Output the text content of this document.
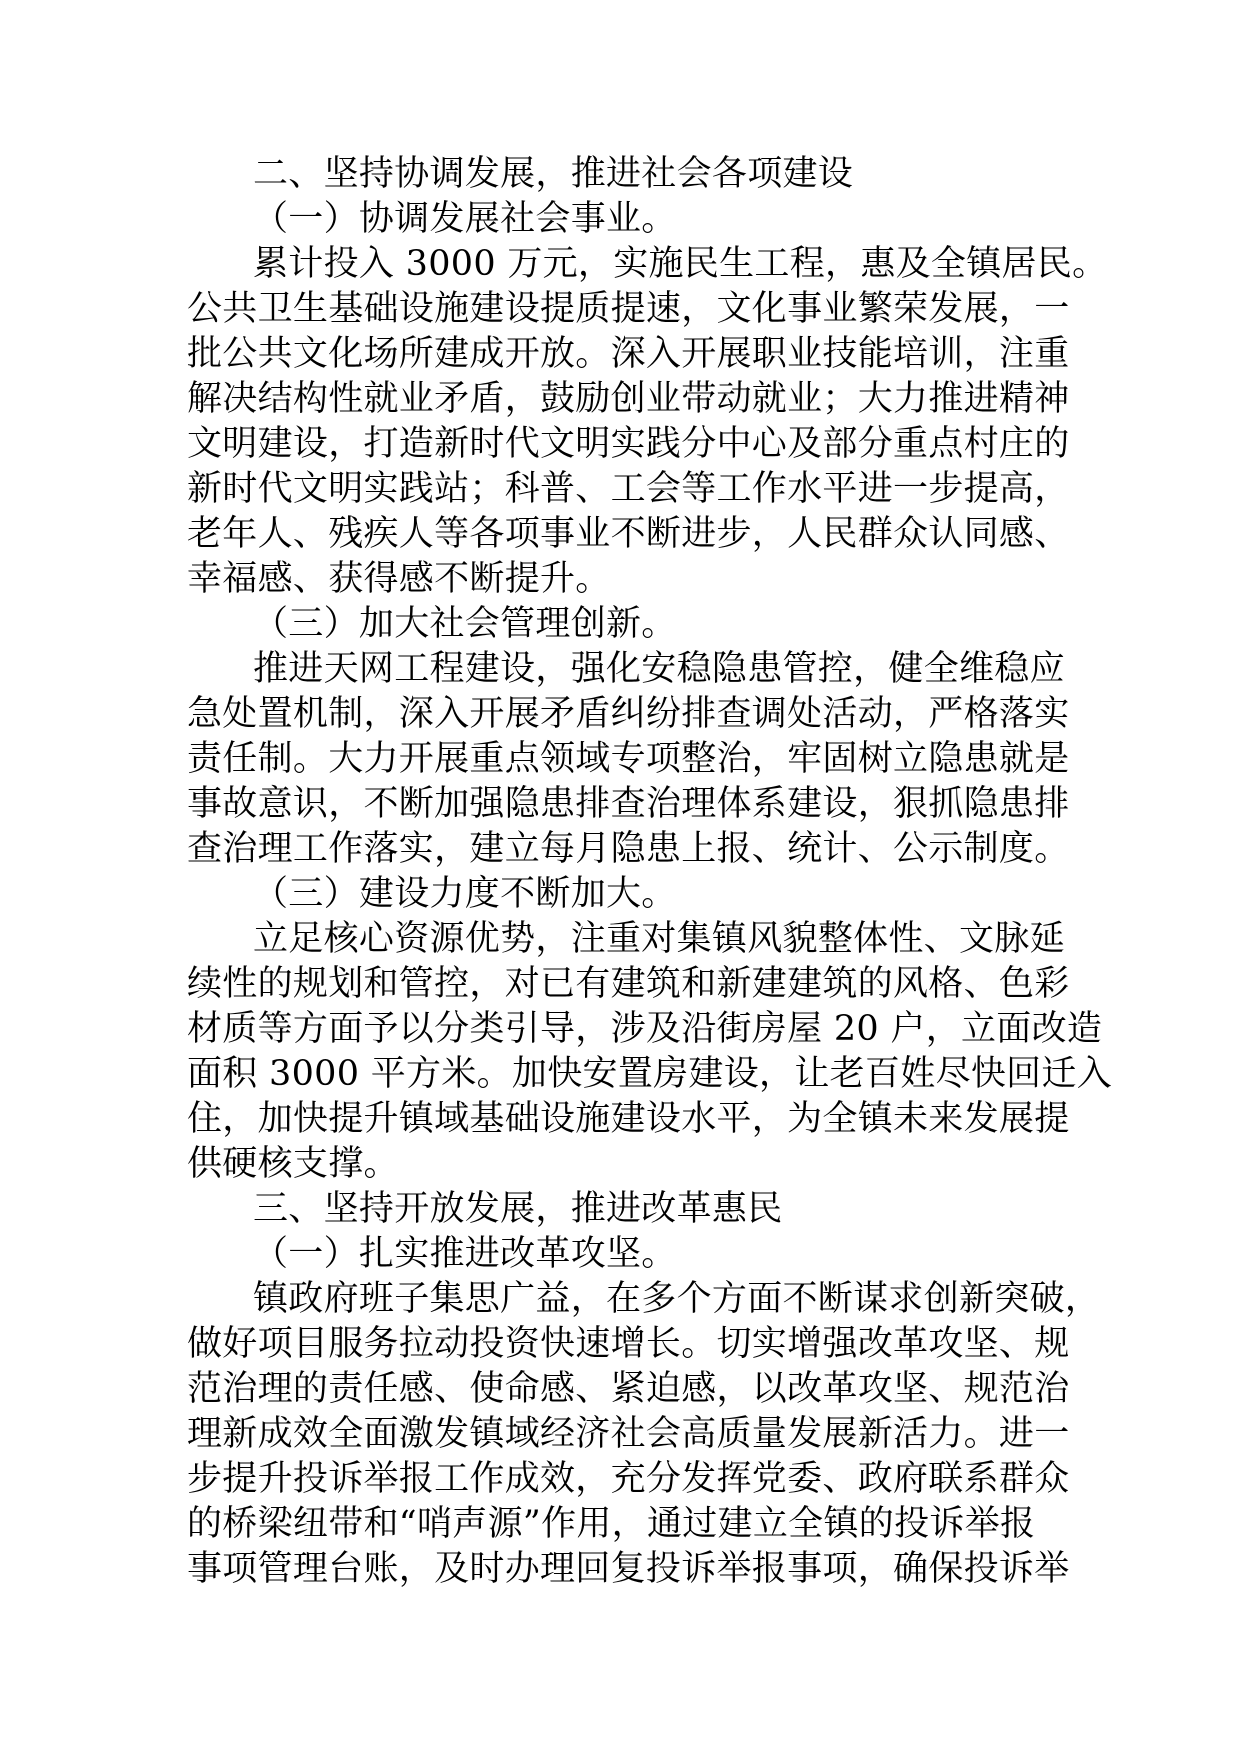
二、坚持协调发展，推进社会各项建设
（一）协调发展社会事业。
累计投入 3000 万元，实施民生工程，惠及全镇居民。
公共卫生基础设施建设提质提速，文化事业繁荣发展，一
批公共文化场所建成开放。深入开展职业技能培训，注重
解决结构性就业矛盾，鼓励创业带动就业；大力推进精神
文明建设，打造新时代文明实践分中心及部分重点村庄的
新时代文明实践站；科普、工会等工作水平进一步提高，
老年人、残疾人等各项事业不断进步，人民群众认同感、
幸福感、获得感不断提升。
（三）加大社会管理创新。
推进天网工程建设，强化安稳隐患管控，健全维稳应
急处置机制，深入开展矛盾纠纷排查调处活动，严格落实
责任制。大力开展重点领域专项整治，牢固树立隐患就是
事故意识，不断加强隐患排查治理体系建设，狠抓隐患排
查治理工作落实，建立每月隐患上报、统计、公示制度。
（三）建设力度不断加大。
立足核心资源优势，注重对集镇风貌整体性、文脉延
续性的规划和管控，对已有建筑和新建建筑的风格、色彩
材质等方面予以分类引导，涉及沿街房屋 20 户，立面改造
面积 3000 平方米。加快安置房建设，让老百姓尽快回迁入
住，加快提升镇域基础设施建设水平，为全镇未来发展提
供硬核支撑。
三、坚持开放发展，推进改革惠民
（一）扎实推进改革攻坚。
镇政府班子集思广益，在多个方面不断谋求创新突破，
做好项目服务拉动投资快速增长。切实增强改革攻坚、规
范治理的责任感、使命感、紧迫感，以改革攻坚、规范治
理新成效全面激发镇域经济社会高质量发展新活力。进一
步提升投诉举报工作成效，充分发挥党委、政府联系群众
的桥梁纽带和“哨声源”作用，通过建立全镇的投诉举报
事项管理台账，及时办理回复投诉举报事项，确保投诉举
